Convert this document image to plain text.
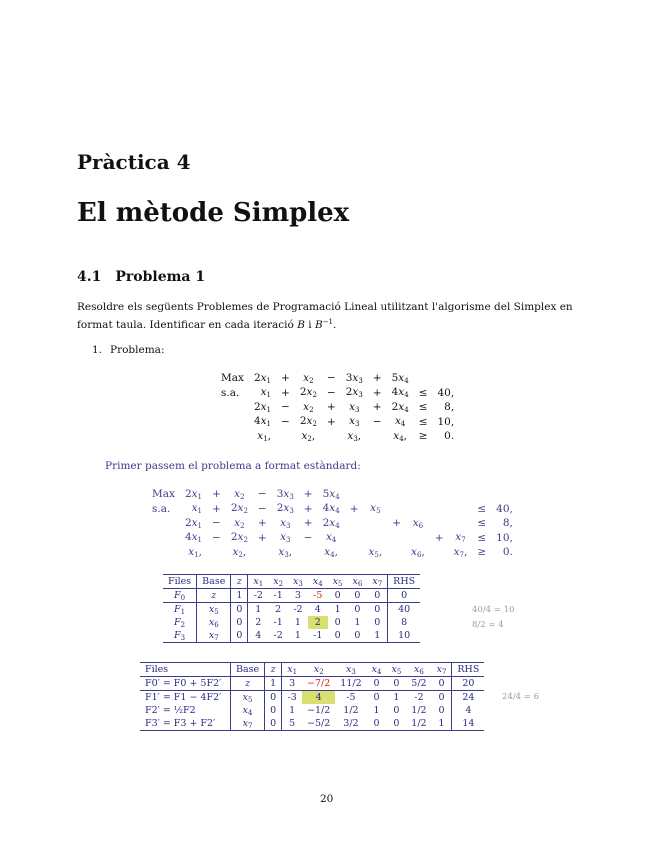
Pràctica 4
El mètode Simplex
4.1 Problema 1
Resoldre els següents Problemes de Programació Lineal utilitzant l'algorisme del Simplex en format taula. Identificar en cada iteració B i $B^{-1}$.
1. Problema:
Max	$2x_1$	+	$x_2$	−	$3x_3$	+	$5x_4$		
s.a.	$x_1$	+	$2x_2$	−	$2x_3$	+	$4x_4$	≤	40,
	$2x_1$	−	$x_2$	+	$x_3$	+	$2x_4$	≤	8,
	$4x_1$	−	$2x_2$	+	$x_3$	−	$x_4$	≤	10,
	$x_1$,		$x_2$,		$x_3$,		$x_4$,	≥	0.
Primer passem el problema a format estàndard:
Max	$2x_1$	+	$x_2$	−	$3x_3$	+	$5x_4$								
s.a.	$x_1$	+	$2x_2$	−	$2x_3$	+	$4x_4$	+	$x_5$					≤	40,
	$2x_1$	−	$x_2$	+	$x_3$	+	$2x_4$			+	$x_6$			≤	8,
	$4x_1$	−	$2x_2$	+	$x_3$	−	$x_4$					+	$x_7$	≤	10,
	$x_1$,		$x_2$,		$x_3$,		$x_4$,		$x_5$,		$x_6$,		$x_7$,	≥	0.
Files	Base	z	$x_1$	$x_2$	$x_3$	$x_4$	$x_5$	$x_6$	$x_7$	RHS
$F_0$	z	1	-2	-1	3	-5	0	0	0	0
$F_1$	$x_5$	0	1	2	-2	4	1	0	0	40
$F_2$	$x_6$	0	2	-1	1	2	0	1	0	8
$F_3$	$x_7$	0	4	-2	1	-1	0	0	1	10
40/4 = 10
8/2 = 4
Files	Base	z	$x_1$	$x_2$	$x_3$	$x_4$	$x_5$	$x_6$	$x_7$	RHS
F0′ = F0 + 5F2′	z	1	3	−7/2	11/2	0	0	5/2	0	20
F1′ = F1 − 4F2′	$x_5$	0	-3	4	-5	0	1	-2	0	24
F2′ = ½F2	$x_4$	0	1	−1/2	1/2	1	0	1/2	0	4
F3′ = F3 + F2′	$x_7$	0	5	−5/2	3/2	0	0	1/2	1	14
24/4 = 6
20
